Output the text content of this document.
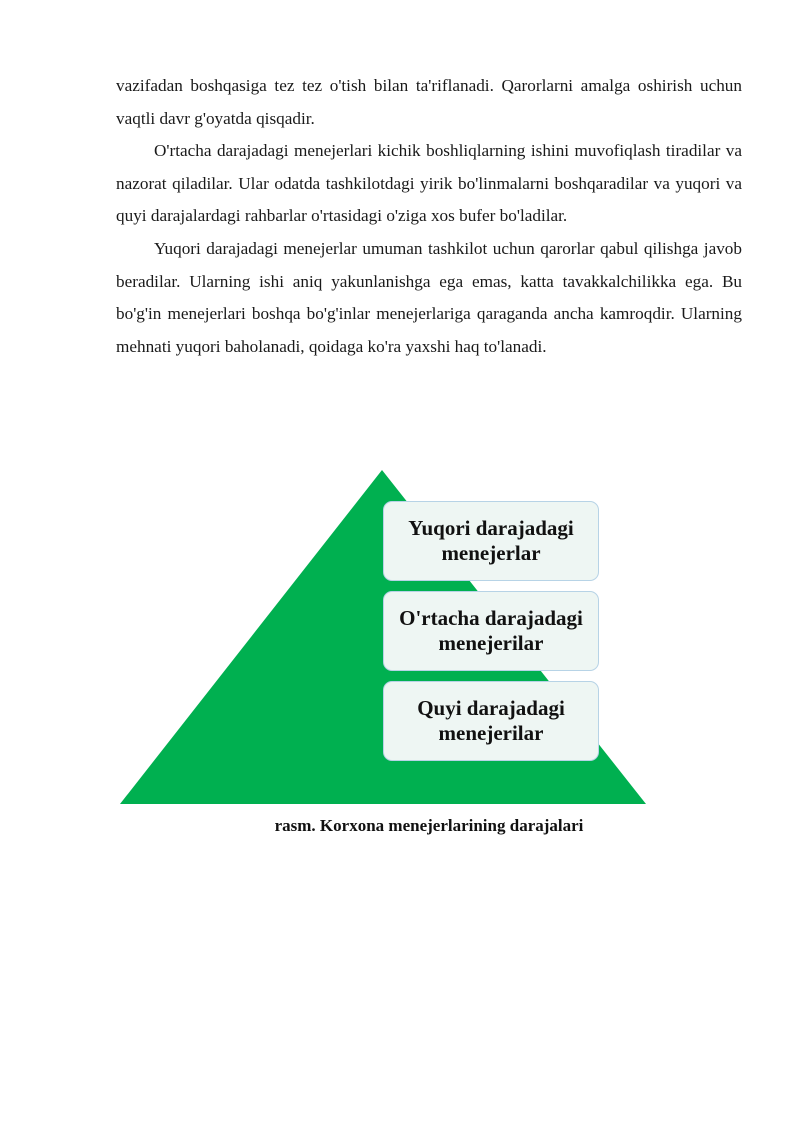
vazifadan boshqasiga tez tez o'tish bilan ta'riflanadi. Qarorlarni amalga oshirish uchun vaqtli davr g'oyatda qisqadir.

O'rtacha darajadagi menejerlari kichik boshliqlarning ishini muvofiqlash tiradilar va nazorat qiladilar. Ular odatda tashkilotdagi yirik bo'linmalarni boshqaradilar va yuqori va quyi darajalardagi rahbarlar o'rtasidagi o'ziga xos bufer bo'ladilar.

Yuqori darajadagi menejerlar umuman tashkilot uchun qarorlar qabul qilishga javob beradilar. Ularning ishi aniq yakunlanishga ega emas, katta tavakkalchilikka ega. Bu bo'g'in menejerlari boshqa bo'g'inlar menejerlariga qaraganda ancha kamroqdir. Ularning mehnati yuqori baholanadi, qoidaga ko'ra yaxshi haq to'lanadi.

Yuqori darajadagi menejerlar
O'rtacha darajadagi menejerilar
Quyi darajadagi menejerilar
rasm. Korxona menejerlarining darajalari
